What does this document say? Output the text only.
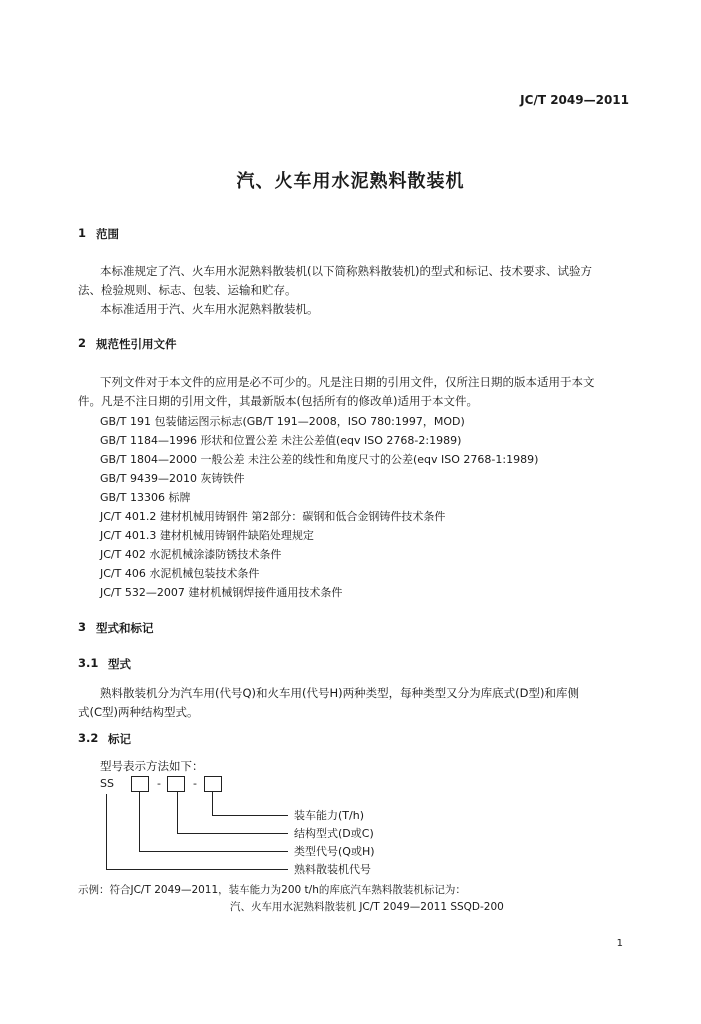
JC/T 2049—2011
汽、火车用水泥熟料散装机
1 范围
本标准规定了汽、火车用水泥熟料散装机(以下简称熟料散装机)的型式和标记、技术要求、试验方
法、检验规则、标志、包装、运输和贮存。
本标准适用于汽、火车用水泥熟料散装机。
2 规范性引用文件
下列文件对于本文件的应用是必不可少的。凡是注日期的引用文件，仅所注日期的版本适用于本文
件。凡是不注日期的引用文件，其最新版本(包括所有的修改单)适用于本文件。
GB/T 191 包装储运图示标志(GB/T 191—2008，ISO 780:1997，MOD)
GB/T 1184—1996 形状和位置公差 未注公差值(eqv ISO 2768-2:1989)
GB/T 1804—2000 一般公差 未注公差的线性和角度尺寸的公差(eqv ISO 2768-1:1989)
GB/T 9439—2010 灰铸铁件
GB/T 13306 标牌
JC/T 401.2 建材机械用铸钢件 第2部分：碳钢和低合金钢铸件技术条件
JC/T 401.3 建材机械用铸钢件缺陷处理规定
JC/T 402 水泥机械涂漆防锈技术条件
JC/T 406 水泥机械包装技术条件
JC/T 532—2007 建材机械钢焊接件通用技术条件
3 型式和标记
3.1 型式
熟料散装机分为汽车用(代号Q)和火车用(代号H)两种类型，每种类型又分为库底式(D型)和库侧
式(C型)两种结构型式。
3.2 标记
型号表示方法如下：
SS	-	-
装车能力(T/h)
结构型式(D或C)
类型代号(Q或H)
熟料散装机代号
示例：符合JC/T 2049—2011，装车能力为200 t/h的库底汽车熟料散装机标记为：
汽、火车用水泥熟料散装机 JC/T 2049—2011 SSQD-200
1
